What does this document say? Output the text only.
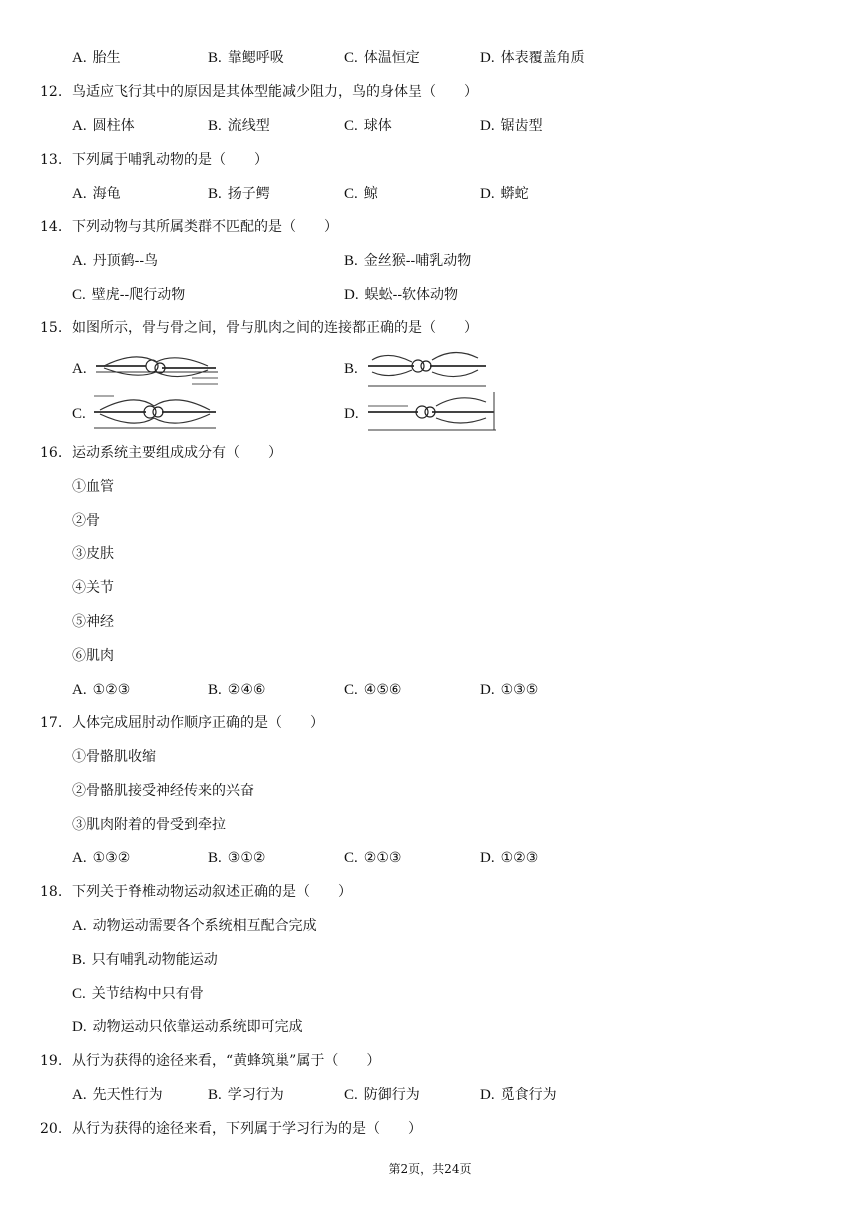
A. 胎生	B. 靠鳃呼吸	C. 体温恒定	D. 体表覆盖角质
12. 鸟适应飞行其中的原因是其体型能减少阻力，鸟的身体呈（　　）
A. 圆柱体	B. 流线型	C. 球体	D. 锯齿型
13. 下列属于哺乳动物的是（　　）
A. 海龟	B. 扬子鳄	C. 鲸	D. 蟒蛇
14. 下列动物与其所属类群不匹配的是（　　）
A. 丹顶鹤--鸟	B. 金丝猴--哺乳动物
C. 壁虎--爬行动物	D. 蜈蚣--软体动物
15. 如图所示，骨与骨之间，骨与肌肉之间的连接都正确的是（　　）
A.	B.
C.	D.
16. 运动系统主要组成成分有（　　）
①血管
②骨
③皮肤
④关节
⑤神经
⑥肌肉
A. ①②③	B. ②④⑥	C. ④⑤⑥	D. ①③⑤
17. 人体完成屈肘动作顺序正确的是（　　）
①骨骼肌收缩
②骨骼肌接受神经传来的兴奋
③肌肉附着的骨受到牵拉
A. ①③②	B. ③①②	C. ②①③	D. ①②③
18. 下列关于脊椎动物运动叙述正确的是（　　）
A. 动物运动需要各个系统相互配合完成
B. 只有哺乳动物能运动
C. 关节结构中只有骨
D. 动物运动只依靠运动系统即可完成
19. 从行为获得的途径来看，“黄蜂筑巢”属于（　　）
A. 先天性行为	B. 学习行为	C. 防御行为	D. 觅食行为
20. 从行为获得的途径来看，下列属于学习行为的是（　　）
第2页，共24页
